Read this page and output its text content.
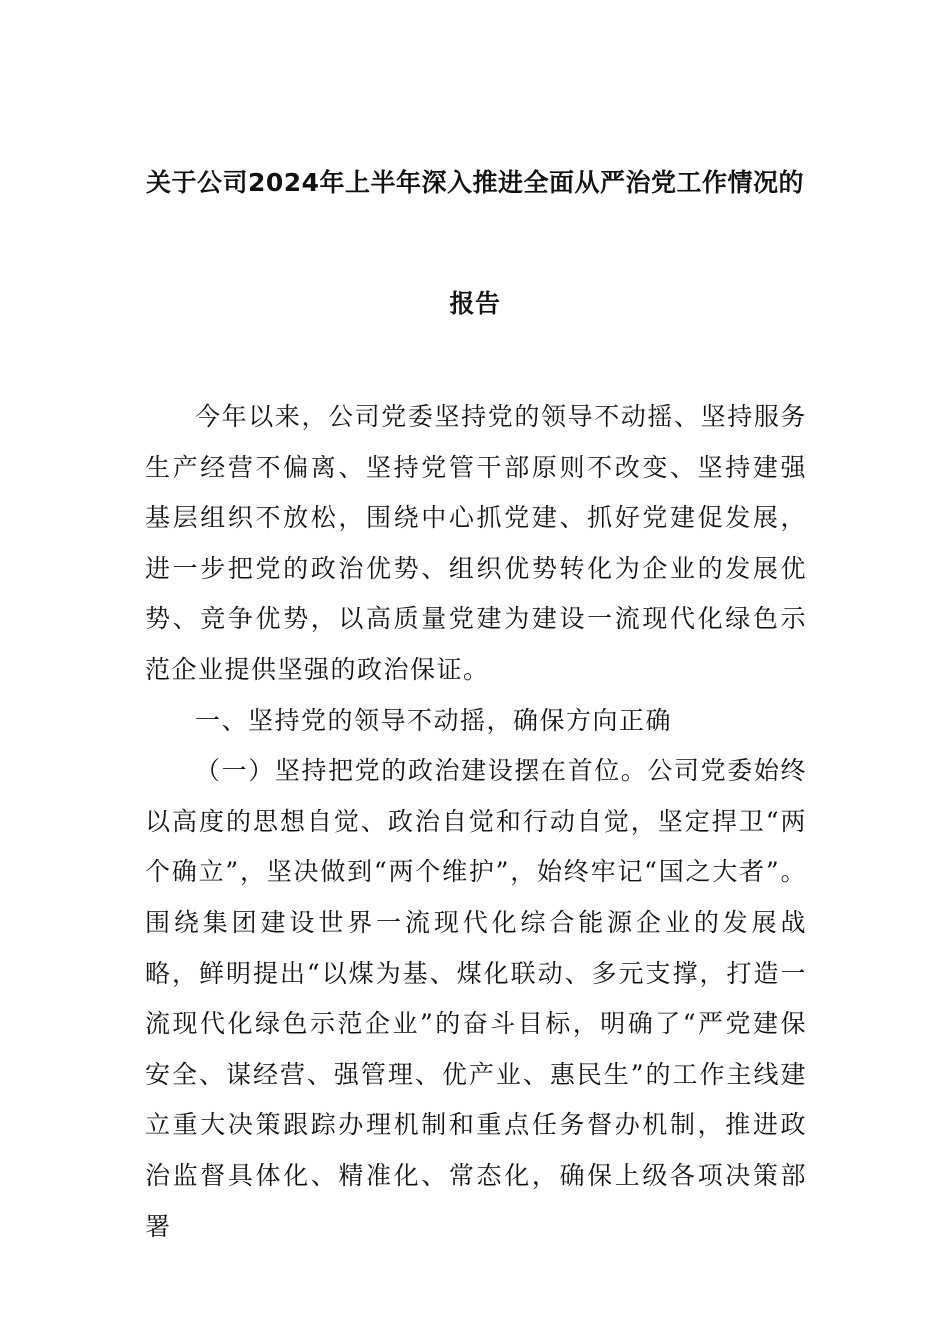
关于公司2024年上半年深入推进全面从严治党工作情况的
报告

今年以来，公司党委坚持党的领导不动摇、坚持服务生产经营不偏离、坚持党管干部原则不改变、坚持建强基层组织不放松，围绕中心抓党建、抓好党建促发展，进一步把党的政治优势、组织优势转化为企业的发展优势、竞争优势，以高质量党建为建设一流现代化绿色示范企业提供坚强的政治保证。

一、坚持党的领导不动摇，确保方向正确

（一）坚持把党的政治建设摆在首位。公司党委始终以高度的思想自觉、政治自觉和行动自觉，坚定捍卫“两个确立”，坚决做到“两个维护”，始终牢记“国之大者”。围绕集团建设世界一流现代化综合能源企业的发展战略，鲜明提出“以煤为基、煤化联动、多元支撑，打造一流现代化绿色示范企业”的奋斗目标，明确了“严党建保安全、谋经营、强管理、优产业、惠民生”的工作主线建立重大决策跟踪办理机制和重点任务督办机制，推进政治监督具体化、精准化、常态化，确保上级各项决策部署
